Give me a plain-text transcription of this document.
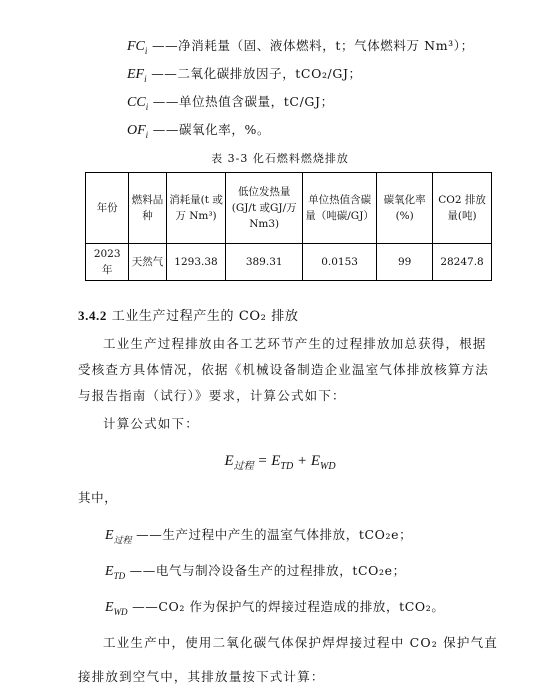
$FC_i$ ——净消耗量（固、液体燃料，t；气体燃料万 Nm³）；
$EF_i$ ——二氧化碳排放因子，tCO₂/GJ；
$CC_i$ ——单位热值含碳量，tC/GJ；
$OF_i$ ——碳氧化率，%。
表 3-3 化石燃料燃烧排放
年份	燃料品种	消耗量(t 或万 Nm³)	低位发热量(GJ/t 或GJ/万Nm3)	单位热值含碳量（吨碳/GJ）	碳氧化率(%)	CO2 排放量(吨)
2023 年	天然气	1293.38	389.31	0.0153	99	28247.8
3.4.2 工业生产过程产生的 CO₂ 排放
工业生产过程排放由各工艺环节产生的过程排放加总获得，根据受核查方具体情况，依据《机械设备制造企业温室气体排放核算方法与报告指南（试行）》要求，计算公式如下：
计算公式如下：
$E_{过程} = E_{TD} + E_{WD}$
其中，
$E_{过程}$ ——生产过程中产生的温室气体排放，tCO₂e；
$E_{TD}$ ——电气与制冷设备生产的过程排放，tCO₂e；
$E_{WD}$ ——CO₂ 作为保护气的焊接过程造成的排放，tCO₂。
工业生产中，使用二氧化碳气体保护焊焊接过程中 CO₂ 保护气直接排放到空气中，其排放量按下式计算：
